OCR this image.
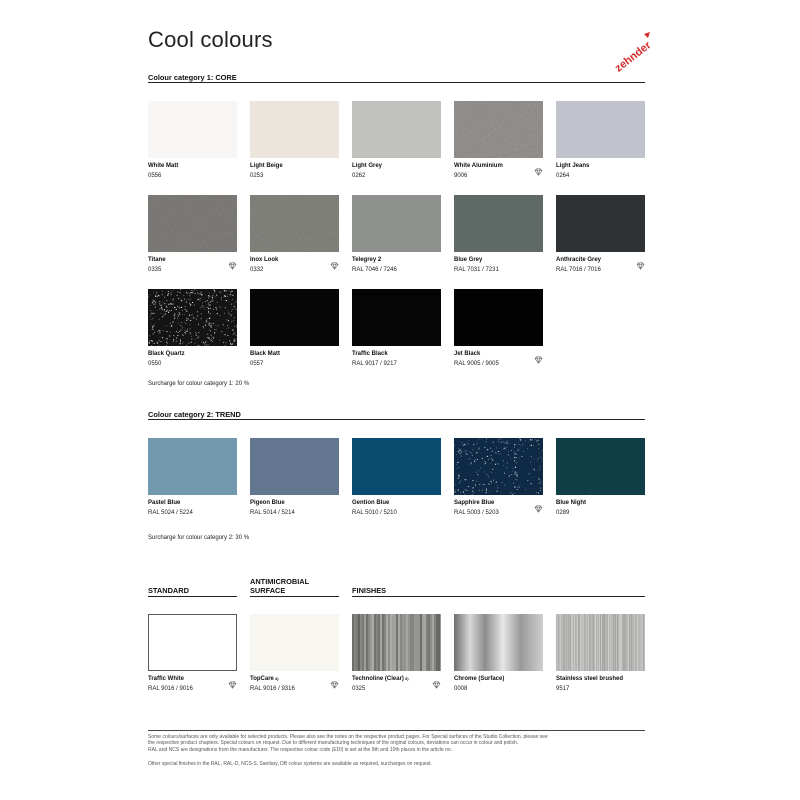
Cool colours	zehnder
Colour category 1: CORE
White Matt
0556
Light Beige
0253
Light Grey
0262
White Aluminium
9006
Light Jeans
0264
Titane
0335
Inox Look
0332
Telegrey 2
RAL 7046 / 7246
Blue Grey
RAL 7031 / 7231
Anthracite Grey
RAL 7016 / 7016
Black Quartz
0550
Black Matt
0557
Traffic Black
RAL 9017 / 9217
Jet Black
RAL 9005 / 9005
Surcharge for colour category 1: 20 %
Colour category 2: TREND
Pastel Blue
RAL 5024 / 5224
Pigeon Blue
RAL 5014 / 5214
Gention Blue
RAL 5010 / 5210
Sapphire Blue
RAL 5003 / 5203
Blue Night
0289
Surcharge for colour category 2: 30 %
STANDARD
ANTIMICROBIAL
SURFACE	FINISHES
Traffic White
RAL 9016 / 9016
TopCare $^{4)}$
RAL 9016 / 9316
Technoline (Clear) $^{3)}$
0325
Chrome (Surface)
0008
Stainless steel brushed
9517
Some colours/surfaces are only available for selected products. Please also see the notes on the respective product pages. For Special surfaces of the Studio Collection, please see
the respective product chapters. Special colours on request. Due to different manufacturing techniques of the original colours, deviations can occur in colour and polish.
RAL and NCS are designations from the manufacturer. The respective colour code (EDI) is set at the 9th and 10th places in the article no.
Other special finishes in the RAL, RAL-D, NCS-S, Sanitary, DB colour systems are available as required, surcharges on request.
